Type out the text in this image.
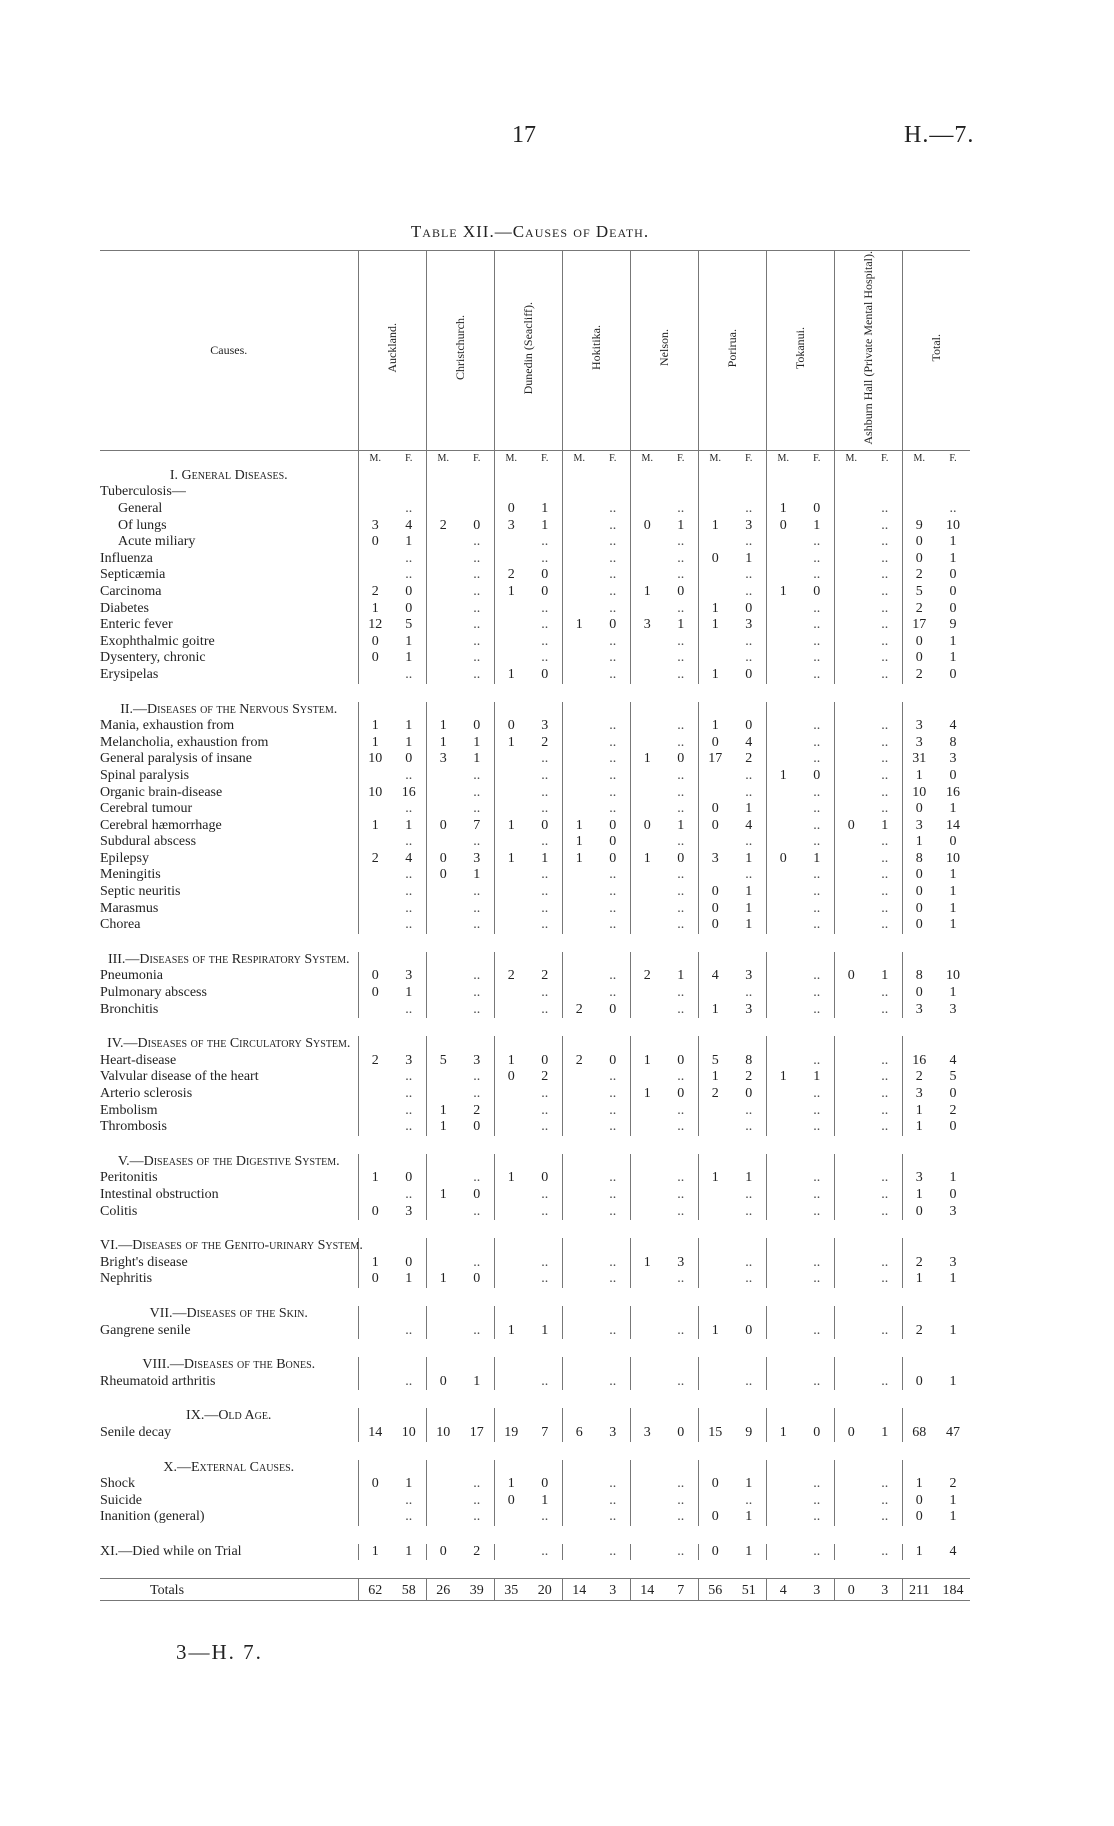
17	H.—7.
Table XII.—Causes of Death.
Causes.	Auckland.		Christchurch.		Dunedin (Seacliff).		Hokitika.		Nelson.		Porirua.		Tokanui.		Ashburn Hall (Private Mental Hospital).		Total.	
	M.	F.	M.	F.	M.	F.	M.	F.	M.	F.	M.	F.	M.	F.	M.	F.	M.	F.
I. General Diseases.																		
Tuberculosis—																		
General		..			0	1		..		..		..	1	0		..		..
Of lungs	3	4	2	0	3	1		..	0	1	1	3	0	1		..	9	10
Acute miliary	0	1		..		..		..		..		..		..		..	0	1
Influenza		..		..		..		..		..	0	1		..		..	0	1
Septicæmia		..		..	2	0		..		..		..		..		..	2	0
Carcinoma	2	0		..	1	0		..	1	0		..	1	0		..	5	0
Diabetes	1	0		..		..		..		..	1	0		..		..	2	0
Enteric fever	12	5		..		..	1	0	3	1	1	3		..		..	17	9
Exophthalmic goitre	0	1		..		..		..		..		..		..		..	0	1
Dysentery, chronic	0	1		..		..		..		..		..		..		..	0	1
Erysipelas		..		..	1	0		..		..	1	0		..		..	2	0

II.—Diseases of the Nervous System.																		
Mania, exhaustion from	1	1	1	0	0	3		..		..	1	0		..		..	3	4
Melancholia, exhaustion from	1	1	1	1	1	2		..		..	0	4		..		..	3	8
General paralysis of insane	10	0	3	1		..		..	1	0	17	2		..		..	31	3
Spinal paralysis		..		..		..		..		..		..	1	0		..	1	0
Organic brain-disease	10	16		..		..		..		..		..		..		..	10	16
Cerebral tumour		..		..		..		..		..	0	1		..		..	0	1
Cerebral hæmorrhage	1	1	0	7	1	0	1	0	0	1	0	4		..	0	1	3	14
Subdural abscess		..		..		..	1	0		..		..		..		..	1	0
Epilepsy	2	4	0	3	1	1	1	0	1	0	3	1	0	1		..	8	10
Meningitis		..	0	1		..		..		..		..		..		..	0	1
Septic neuritis		..		..		..		..		..	0	1		..		..	0	1
Marasmus		..		..		..		..		..	0	1		..		..	0	1
Chorea		..		..		..		..		..	0	1		..		..	0	1

III.—Diseases of the Respiratory System.																		
Pneumonia	0	3		..	2	2		..	2	1	4	3		..	0	1	8	10
Pulmonary abscess	0	1		..		..		..		..		..		..		..	0	1
Bronchitis		..		..		..	2	0		..	1	3		..		..	3	3

IV.—Diseases of the Circulatory System.																		
Heart-disease	2	3	5	3	1	0	2	0	1	0	5	8		..		..	16	4
Valvular disease of the heart		..		..	0	2		..		..	1	2	1	1		..	2	5
Arterio sclerosis		..		..		..		..	1	0	2	0		..		..	3	0
Embolism		..	1	2		..		..		..		..		..		..	1	2
Thrombosis		..	1	0		..		..		..		..		..		..	1	0

V.—Diseases of the Digestive System.																		
Peritonitis	1	0		..	1	0		..		..	1	1		..		..	3	1
Intestinal obstruction		..	1	0		..		..		..		..		..		..	1	0
Colitis	0	3		..		..		..		..		..		..		..	0	3

VI.—Diseases of the Genito-urinary System.																		
Bright's disease	1	0		..		..		..	1	3		..		..		..	2	3
Nephritis	0	1	1	0		..		..		..		..		..		..	1	1

VII.—Diseases of the Skin.																		
Gangrene senile		..		..	1	1		..		..	1	0		..		..	2	1

VIII.—Diseases of the Bones.																		
Rheumatoid arthritis		..	0	1		..		..		..		..		..		..	0	1

IX.—Old Age.																		
Senile decay	14	10	10	17	19	7	6	3	3	0	15	9	1	0	0	1	68	47

X.—External Causes.																		
Shock	0	1		..	1	0		..		..	0	1		..		..	1	2
Suicide		..		..	0	1		..		..		..		..		..	0	1
Inanition (general)		..		..		..		..		..	0	1		..		..	0	1

XI.—Died while on Trial	1	1	0	2		..		..		..	0	1		..		..	1	4

Totals	62	58	26	39	35	20	14	3	14	7	56	51	4	3	0	3	211	184
3—H. 7.
